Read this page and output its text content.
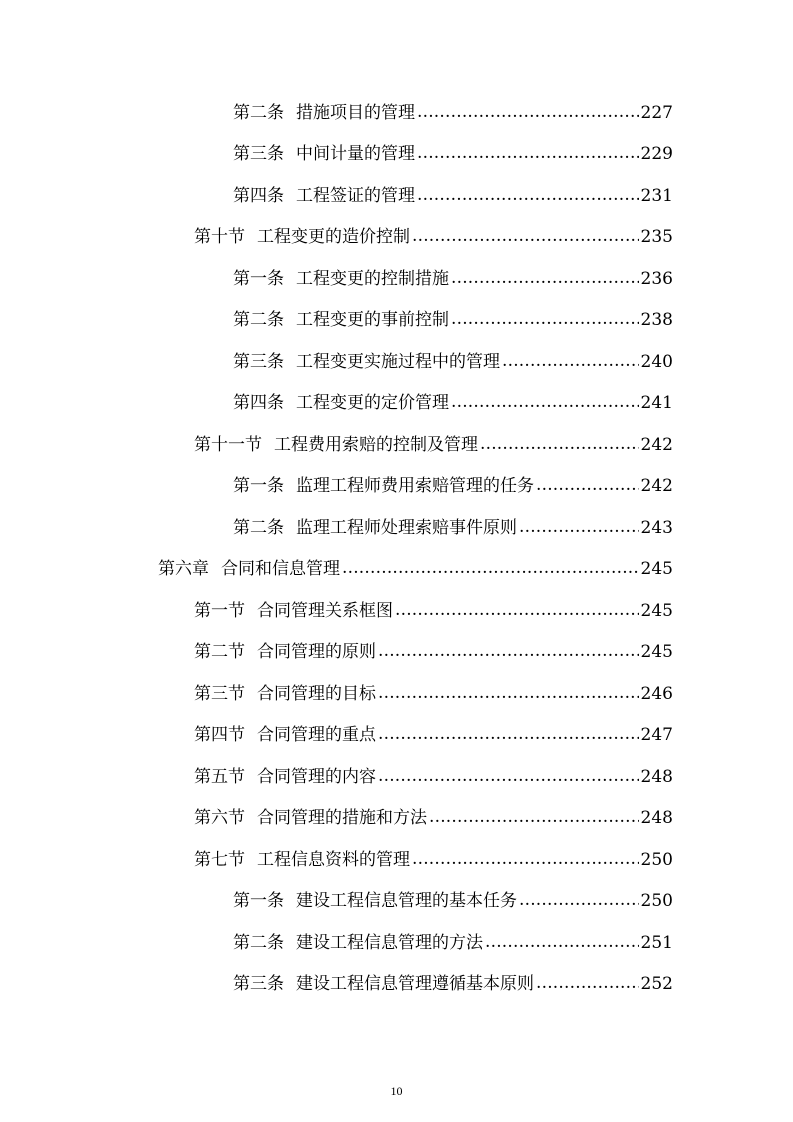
第二条 措施项目的管理 .....	227
第三条 中间计量的管理 .....	229
第四条 工程签证的管理 .....	231
第十节 工程变更的造价控制 .....	235
第一条 工程变更的控制措施 .....	236
第二条 工程变更的事前控制 .....	238
第三条 工程变更实施过程中的管理 .....	240
第四条 工程变更的定价管理 .....	241
第十一节 工程费用索赔的控制及管理 .....	242
第一条 监理工程师费用索赔管理的任务 .....	242
第二条 监理工程师处理索赔事件原则 .....	243
第六章 合同和信息管理 .....	245
第一节 合同管理关系框图 .....	245
第二节 合同管理的原则 .....	245
第三节 合同管理的目标 .....	246
第四节 合同管理的重点 .....	247
第五节 合同管理的内容 .....	248
第六节 合同管理的措施和方法 .....	248
第七节 工程信息资料的管理 .....	250
第一条 建设工程信息管理的基本任务 .....	250
第二条 建设工程信息管理的方法 .....	251
第三条 建设工程信息管理遵循基本原则 .....	252
10
